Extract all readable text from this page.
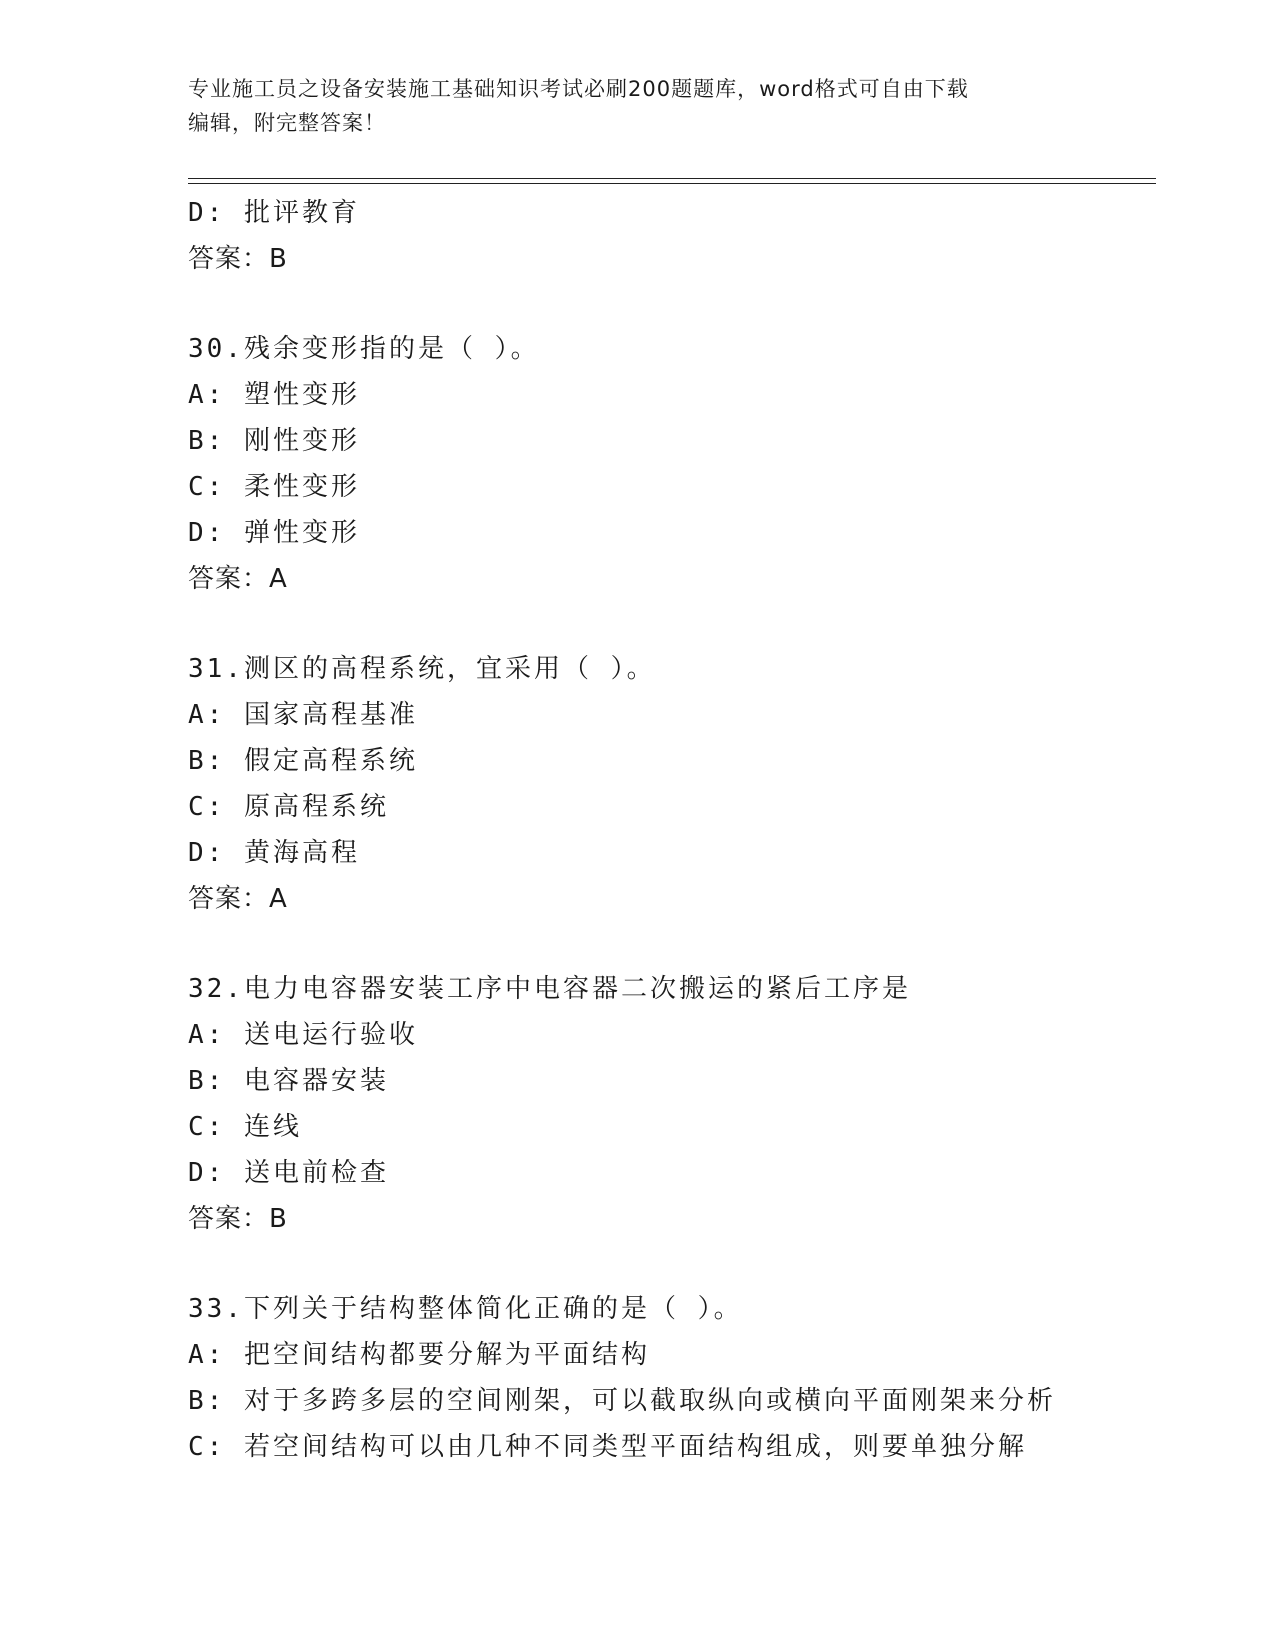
专业施工员之设备安装施工基础知识考试必刷200题题库，word格式可自由下载
编辑，附完整答案！
D: 批评教育
答案：B
30.残余变形指的是（ ）。
A: 塑性变形
B: 刚性变形
C: 柔性变形
D: 弹性变形
答案：A
31.测区的高程系统，宜采用（ ）。
A: 国家高程基准
B: 假定高程系统
C: 原高程系统
D: 黄海高程
答案：A
32.电力电容器安装工序中电容器二次搬运的紧后工序是
A: 送电运行验收
B: 电容器安装
C: 连线
D: 送电前检查
答案：B
33.下列关于结构整体简化正确的是（ ）。
A: 把空间结构都要分解为平面结构
B: 对于多跨多层的空间刚架，可以截取纵向或横向平面刚架来分析
C: 若空间结构可以由几种不同类型平面结构组成，则要单独分解
